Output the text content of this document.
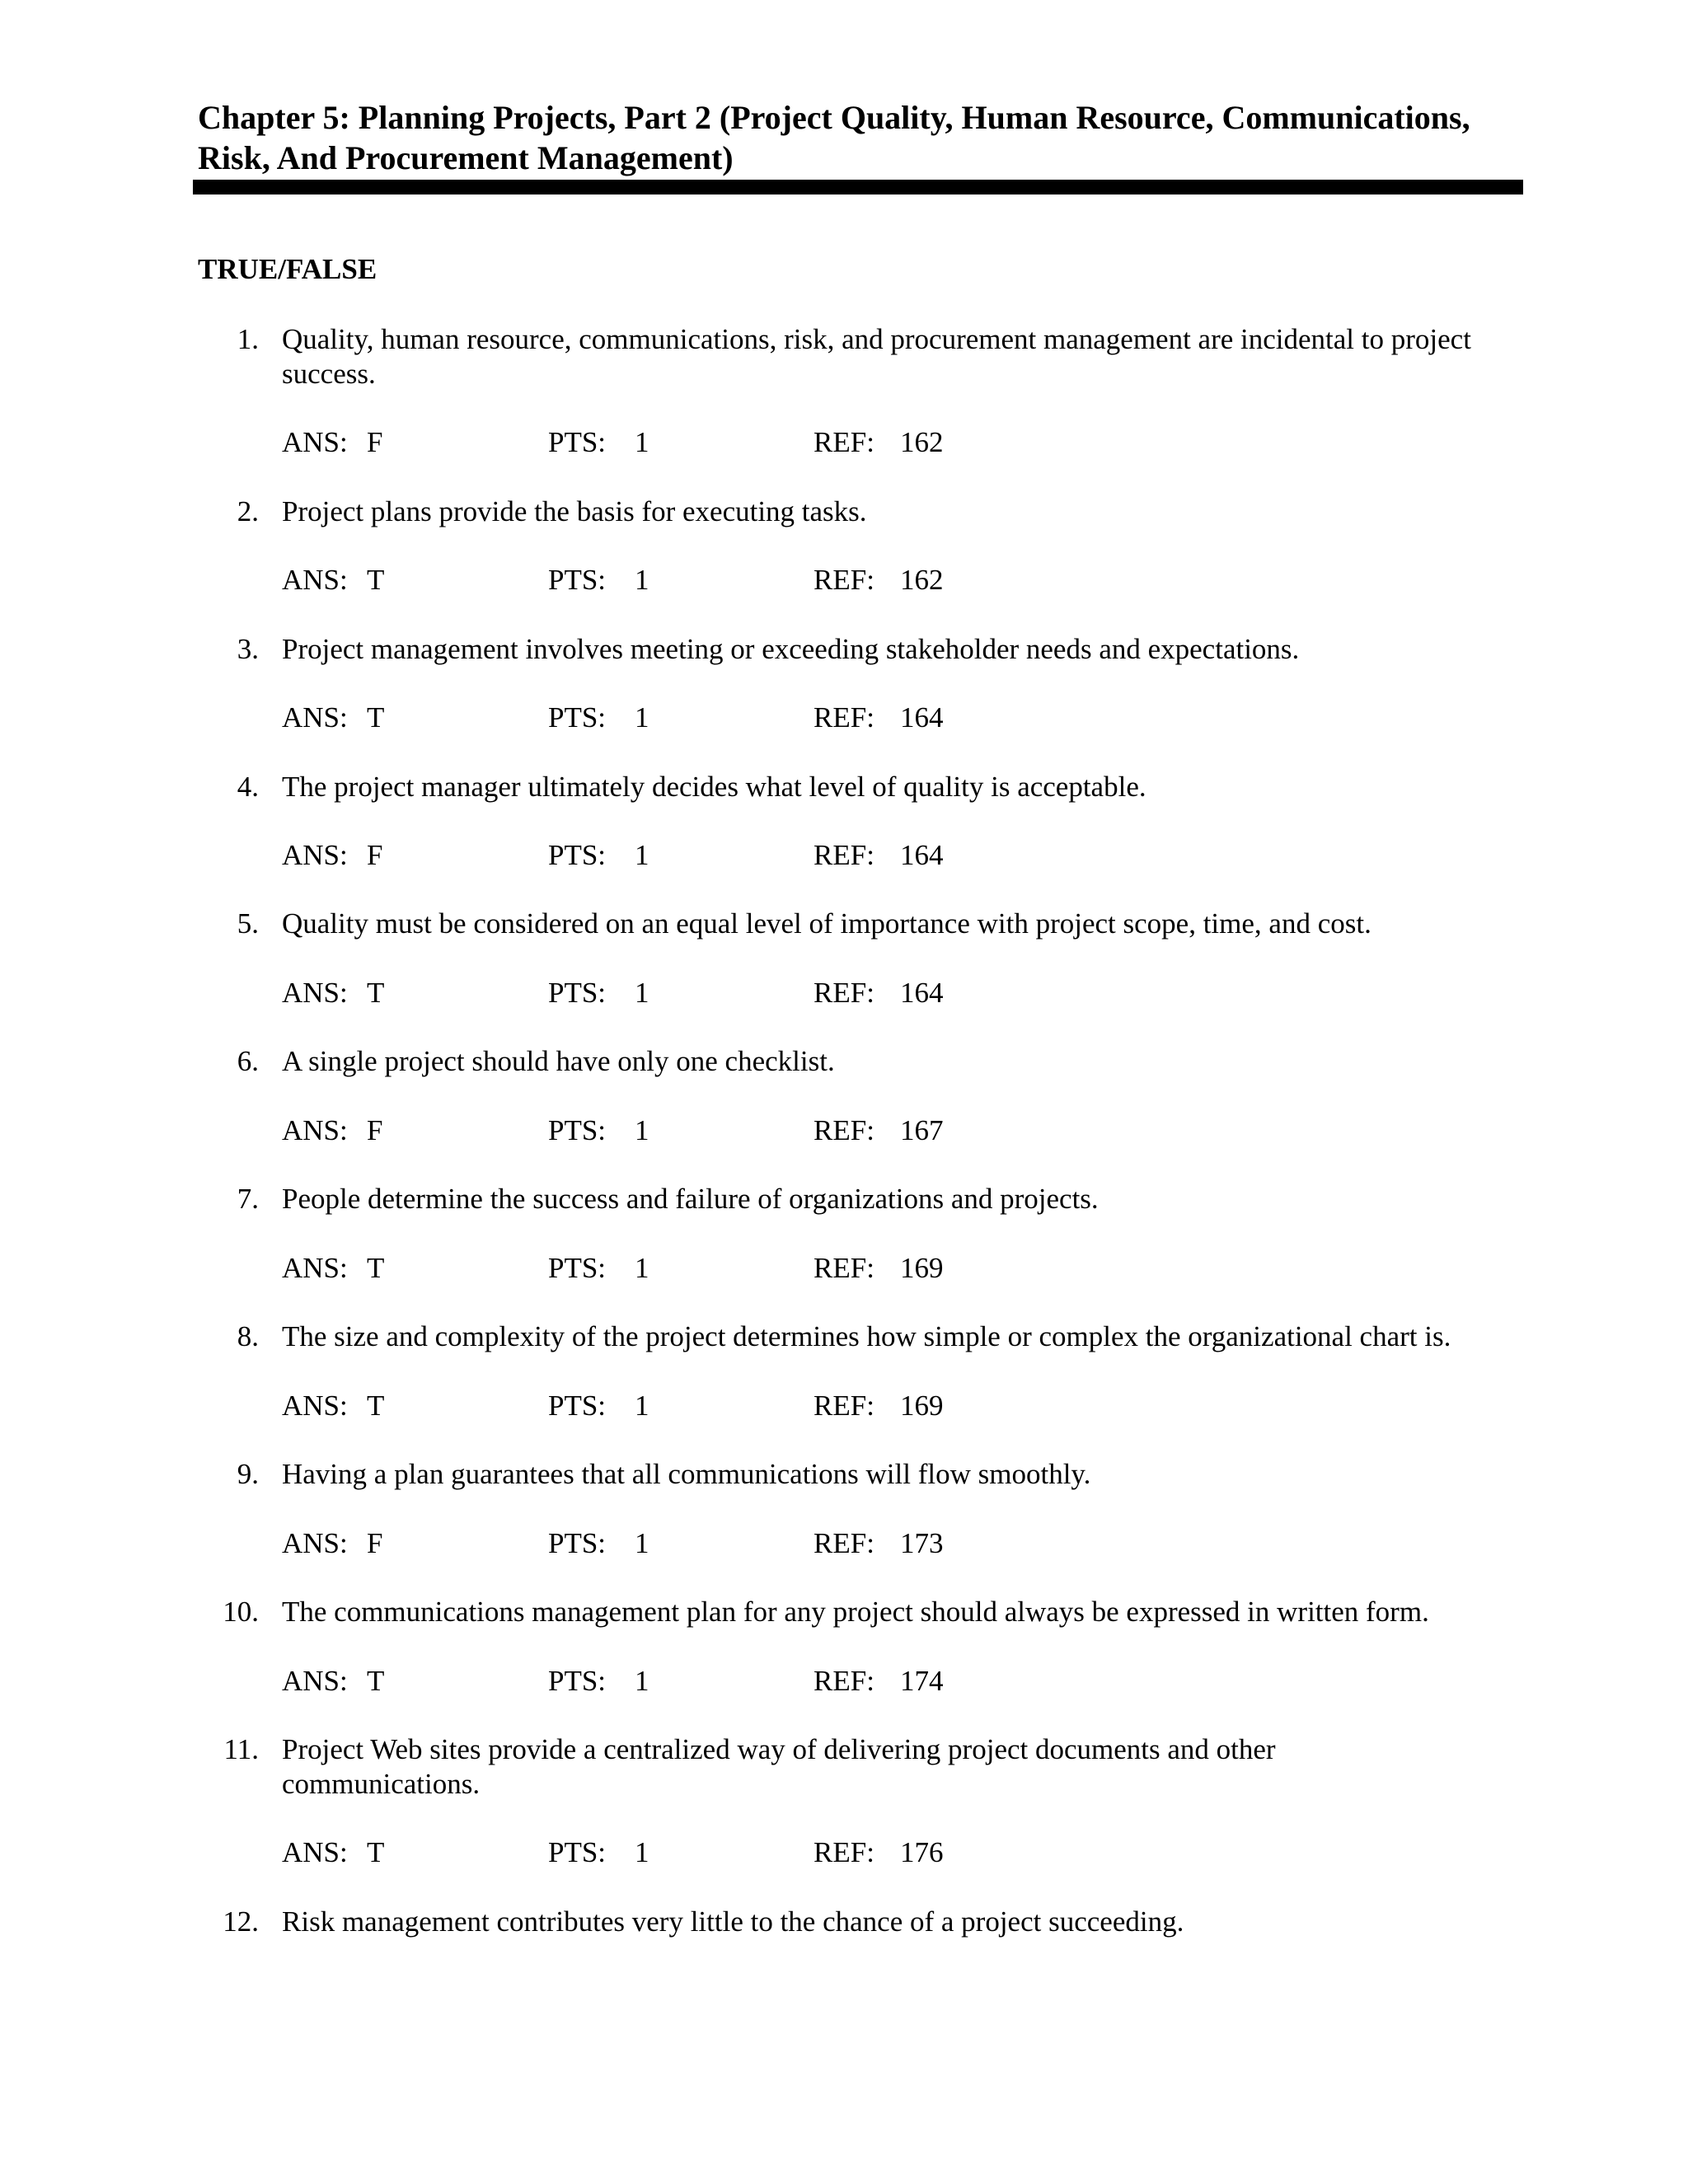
Chapter 5: Planning Projects, Part 2 (Project Quality, Human Resource, Communications, Risk, And Procurement Management)
TRUE/FALSE
1. Quality, human resource, communications, risk, and procurement management are incidental to project success.
ANS: F	PTS: 1	REF: 162
2. Project plans provide the basis for executing tasks.
ANS: T	PTS: 1	REF: 162
3. Project management involves meeting or exceeding stakeholder needs and expectations.
ANS: T	PTS: 1	REF: 164
4. The project manager ultimately decides what level of quality is acceptable.
ANS: F	PTS: 1	REF: 164
5. Quality must be considered on an equal level of importance with project scope, time, and cost.
ANS: T	PTS: 1	REF: 164
6. A single project should have only one checklist.
ANS: F	PTS: 1	REF: 167
7. People determine the success and failure of organizations and projects.
ANS: T	PTS: 1	REF: 169
8. The size and complexity of the project determines how simple or complex the organizational chart is.
ANS: T	PTS: 1	REF: 169
9. Having a plan guarantees that all communications will flow smoothly.
ANS: F	PTS: 1	REF: 173
10. The communications management plan for any project should always be expressed in written form.
ANS: T	PTS: 1	REF: 174
11. Project Web sites provide a centralized way of delivering project documents and other communications.
ANS: T	PTS: 1	REF: 176
12. Risk management contributes very little to the chance of a project succeeding.
